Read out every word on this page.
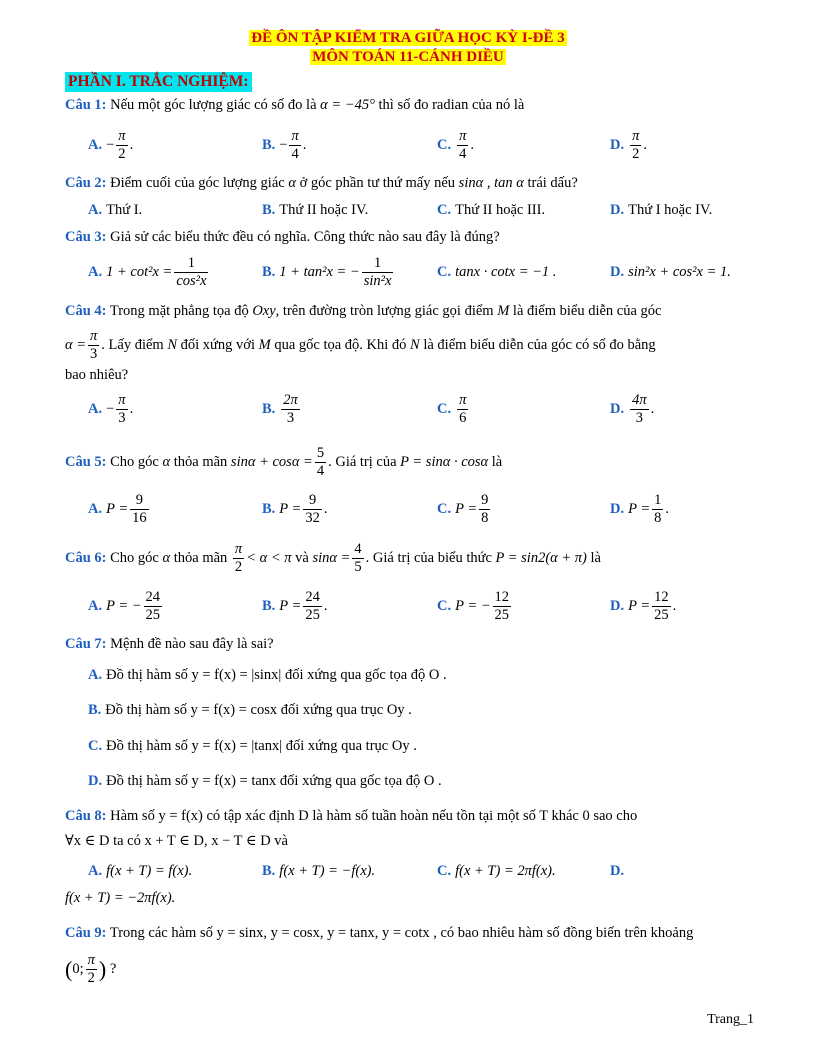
ĐỀ ÔN TẬP KIỂM TRA GIỮA HỌC KỲ I-ĐỀ 3
MÔN TOÁN 11-CÁNH DIỀU
PHẦN I. TRẮC NGHIỆM:
Câu 1: Nếu một góc lượng giác có số đo là α = −45° thì số đo radian của nó là
A. − $\frac{\pi}{2}$ .	B. − $\frac{\pi}{4}$ .	C. $\frac{\pi}{4}$ .	D. $\frac{\pi}{2}$ .
Câu 2: Điểm cuối của góc lượng giác α ở góc phần tư thứ mấy nếu sinα , tan α trái dấu?
A. Thứ I.	B. Thứ II hoặc IV.	C. Thứ II hoặc III.	D. Thứ I hoặc IV.
Câu 3: Giả sử các biểu thức đều có nghĩa. Công thức nào sau đây là đúng?
A. $1 + \cot^2x = \frac{1}{\text{cos²x}}$	B. 1 + tan²x = − $\frac{1}{\text{sin²x}}$	C. tanx · cotx = −1 .	D. sin²x + cos²x = 1.
Câu 4: Trong mặt phẳng tọa độ Oxy, trên đường tròn lượng giác gọi điểm M là điểm biểu diễn của góc
$\alpha = \frac{\pi}{3}$ . Lấy điểm N đối xứng với M qua gốc tọa độ. Khi đó N là điểm biểu diễn của góc có số đo bằng
bao nhiêu?
A. − $\frac{\pi}{3}$ .	B. $\frac{2\pi}{3}$	C. $\frac{\pi}{6}$	D. $\frac{4\pi}{3}$ .
Câu 5: Cho góc α thỏa mãn $\sin\alpha + \cos\alpha = \frac{5}{4}$ . Giá trị của P = sinα · cosα là
A. $P = \frac{9}{16}$	B. $P = \frac{9}{32}$ .	C. $P = \frac{9}{8}$	D. $P = \frac{1}{8}$ .
Câu 6: Cho góc α thỏa mãn $\frac{\pi}{2} < \alpha < \pi$ và $\sin\alpha = \frac{4}{5}$ . Giá trị của biểu thức P = sin2(α + π) là
A. P = − $\frac{24}{25}$	B. $P = \frac{24}{25}$ .	C. P = − $\frac{12}{25}$	D. $P = \frac{12}{25}$ .
Câu 7: Mệnh đề nào sau đây là sai?
A. Đồ thị hàm số y = f(x) = |sinx| đối xứng qua gốc tọa độ O .
B. Đồ thị hàm số y = f(x) = cosx đối xứng qua trục Oy .
C. Đồ thị hàm số y = f(x) = |tanx| đối xứng qua trục Oy .
D. Đồ thị hàm số y = f(x) = tanx đối xứng qua gốc tọa độ O .
Câu 8: Hàm số y = f(x) có tập xác định D là hàm số tuần hoàn nếu tồn tại một số T khác 0 sao cho
∀x ∈ D ta có x + T ∈ D, x − T ∈ D và
A. f(x + T) = f(x).	B. f(x + T) = −f(x).	C. f(x + T) = 2πf(x).	D.
f(x + T) = −2πf(x).
Câu 9: Trong các hàm số y = sinx, y = cosx, y = tanx, y = cotx , có bao nhiêu hàm số đồng biến trên khoảng
(0; $\frac{\pi}{2}$ ) ?
Trang_1
